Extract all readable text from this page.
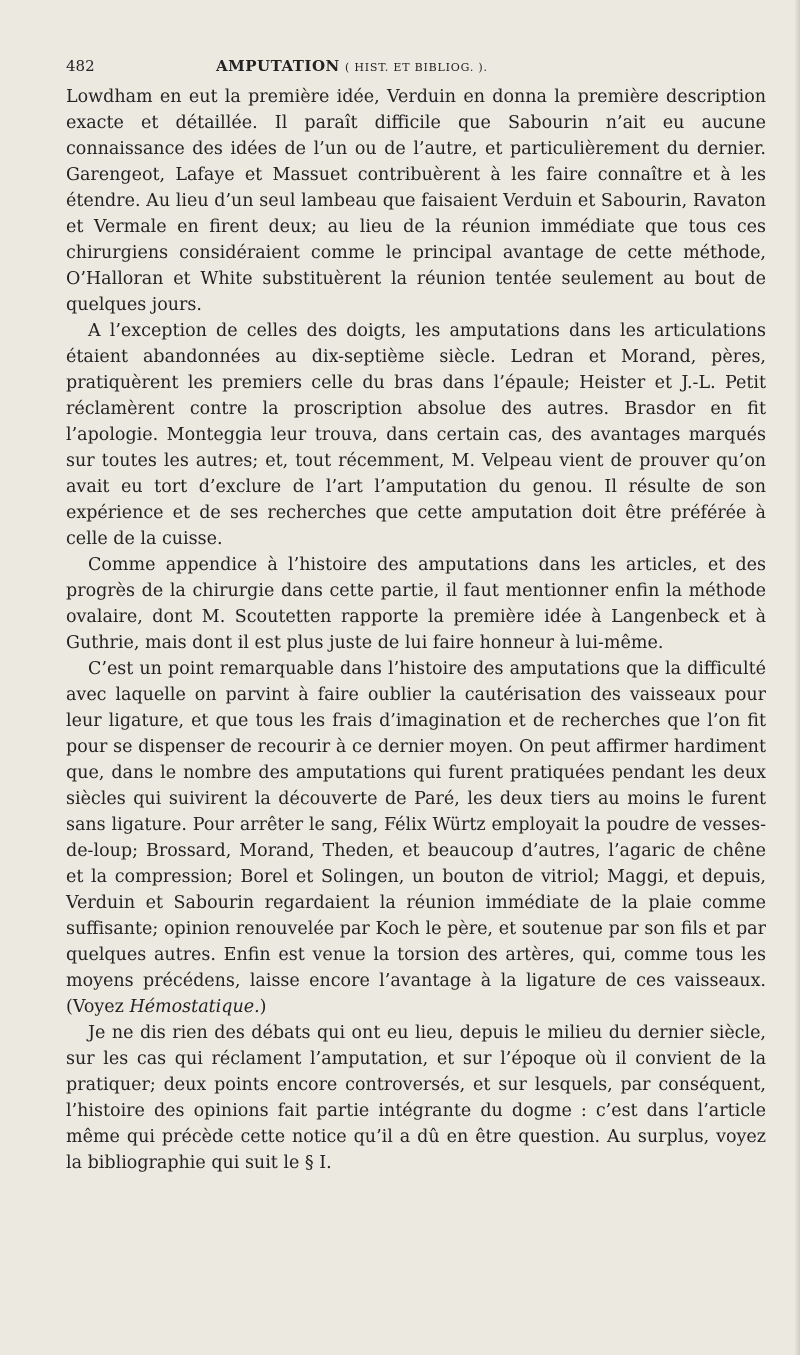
482	AMPUTATION ( HIST. ET BIBLIOG. ).

Lowdham en eut la première idée, Verduin en donna la première description exacte et détaillée. Il paraît difficile que Sabourin n’ait eu aucune connaissance des idées de l’un ou de l’autre, et particulièrement du dernier. Garengeot, Lafaye et Massuet contribuèrent à les faire connaître et à les étendre. Au lieu d’un seul lambeau que faisaient Verduin et Sabourin, Ravaton et Vermale en firent deux; au lieu de la réunion immédiate que tous ces chirurgiens considéraient comme le principal avantage de cette méthode, O’Halloran et White substituèrent la réunion tentée seulement au bout de quelques jours.

A l’exception de celles des doigts, les amputations dans les articulations étaient abandonnées au dix-septième siècle. Ledran et Morand, pères, pratiquèrent les premiers celle du bras dans l’épaule; Heister et J.-L. Petit réclamèrent contre la proscription absolue des autres. Brasdor en fit l’apologie. Monteggia leur trouva, dans certain cas, des avantages marqués sur toutes les autres; et, tout récemment, M. Velpeau vient de prouver qu’on avait eu tort d’exclure de l’art l’amputation du genou. Il résulte de son expérience et de ses recherches que cette amputation doit être préférée à celle de la cuisse.

Comme appendice à l’histoire des amputations dans les articles, et des progrès de la chirurgie dans cette partie, il faut mentionner enfin la méthode ovalaire, dont M. Scoutetten rapporte la première idée à Langenbeck et à Guthrie, mais dont il est plus juste de lui faire honneur à lui-même.

C’est un point remarquable dans l’histoire des amputations que la difficulté avec laquelle on parvint à faire oublier la cautérisation des vaisseaux pour leur ligature, et que tous les frais d’imagination et de recherches que l’on fit pour se dispenser de recourir à ce dernier moyen. On peut affirmer hardiment que, dans le nombre des amputations qui furent pratiquées pendant les deux siècles qui suivirent la découverte de Paré, les deux tiers au moins le furent sans ligature. Pour arrêter le sang, Félix Würtz employait la poudre de vesses-de-loup; Brossard, Morand, Theden, et beaucoup d’autres, l’agaric de chêne et la compression; Borel et Solingen, un bouton de vitriol; Maggi, et depuis, Verduin et Sabourin regardaient la réunion immédiate de la plaie comme suffisante; opinion renouvelée par Koch le père, et soutenue par son fils et par quelques autres. Enfin est venue la torsion des artères, qui, comme tous les moyens précédens, laisse encore l’avantage à la ligature de ces vaisseaux. (Voyez Hémostatique.)

Je ne dis rien des débats qui ont eu lieu, depuis le milieu du dernier siècle, sur les cas qui réclament l’amputation, et sur l’époque où il convient de la pratiquer; deux points encore controversés, et sur lesquels, par conséquent, l’histoire des opinions fait partie intégrante du dogme : c’est dans l’article même qui précède cette notice qu’il a dû en être question. Au surplus, voyez la bibliographie qui suit le § I.
